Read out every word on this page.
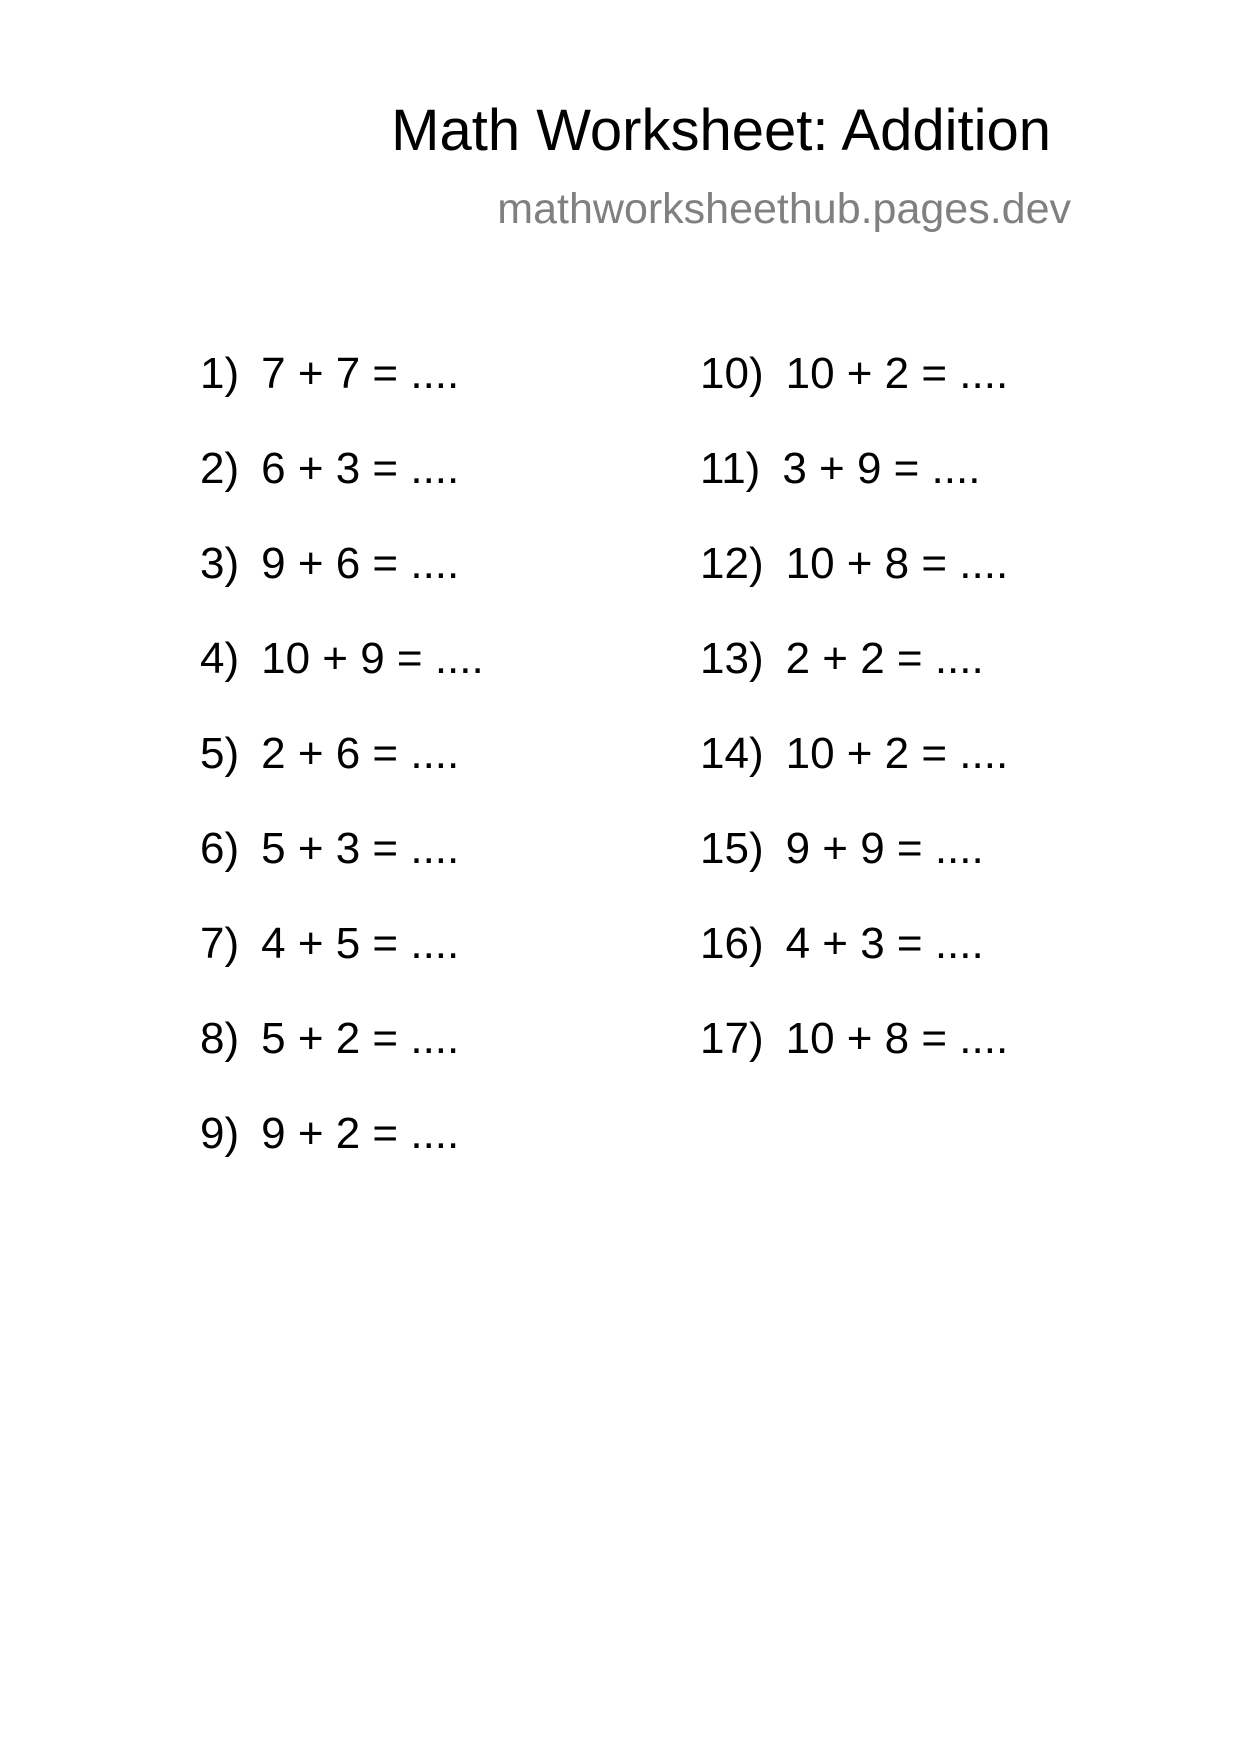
Math Worksheet: Addition
mathworksheethub.pages.dev
1) 7 + 7 = ....
2) 6 + 3 = ....
3) 9 + 6 = ....
4) 10 + 9 = ....
5) 2 + 6 = ....
6) 5 + 3 = ....
7) 4 + 5 = ....
8) 5 + 2 = ....
9) 9 + 2 = ....
10) 10 + 2 = ....
11) 3 + 9 = ....
12) 10 + 8 = ....
13) 2 + 2 = ....
14) 10 + 2 = ....
15) 9 + 9 = ....
16) 4 + 3 = ....
17) 10 + 8 = ....
